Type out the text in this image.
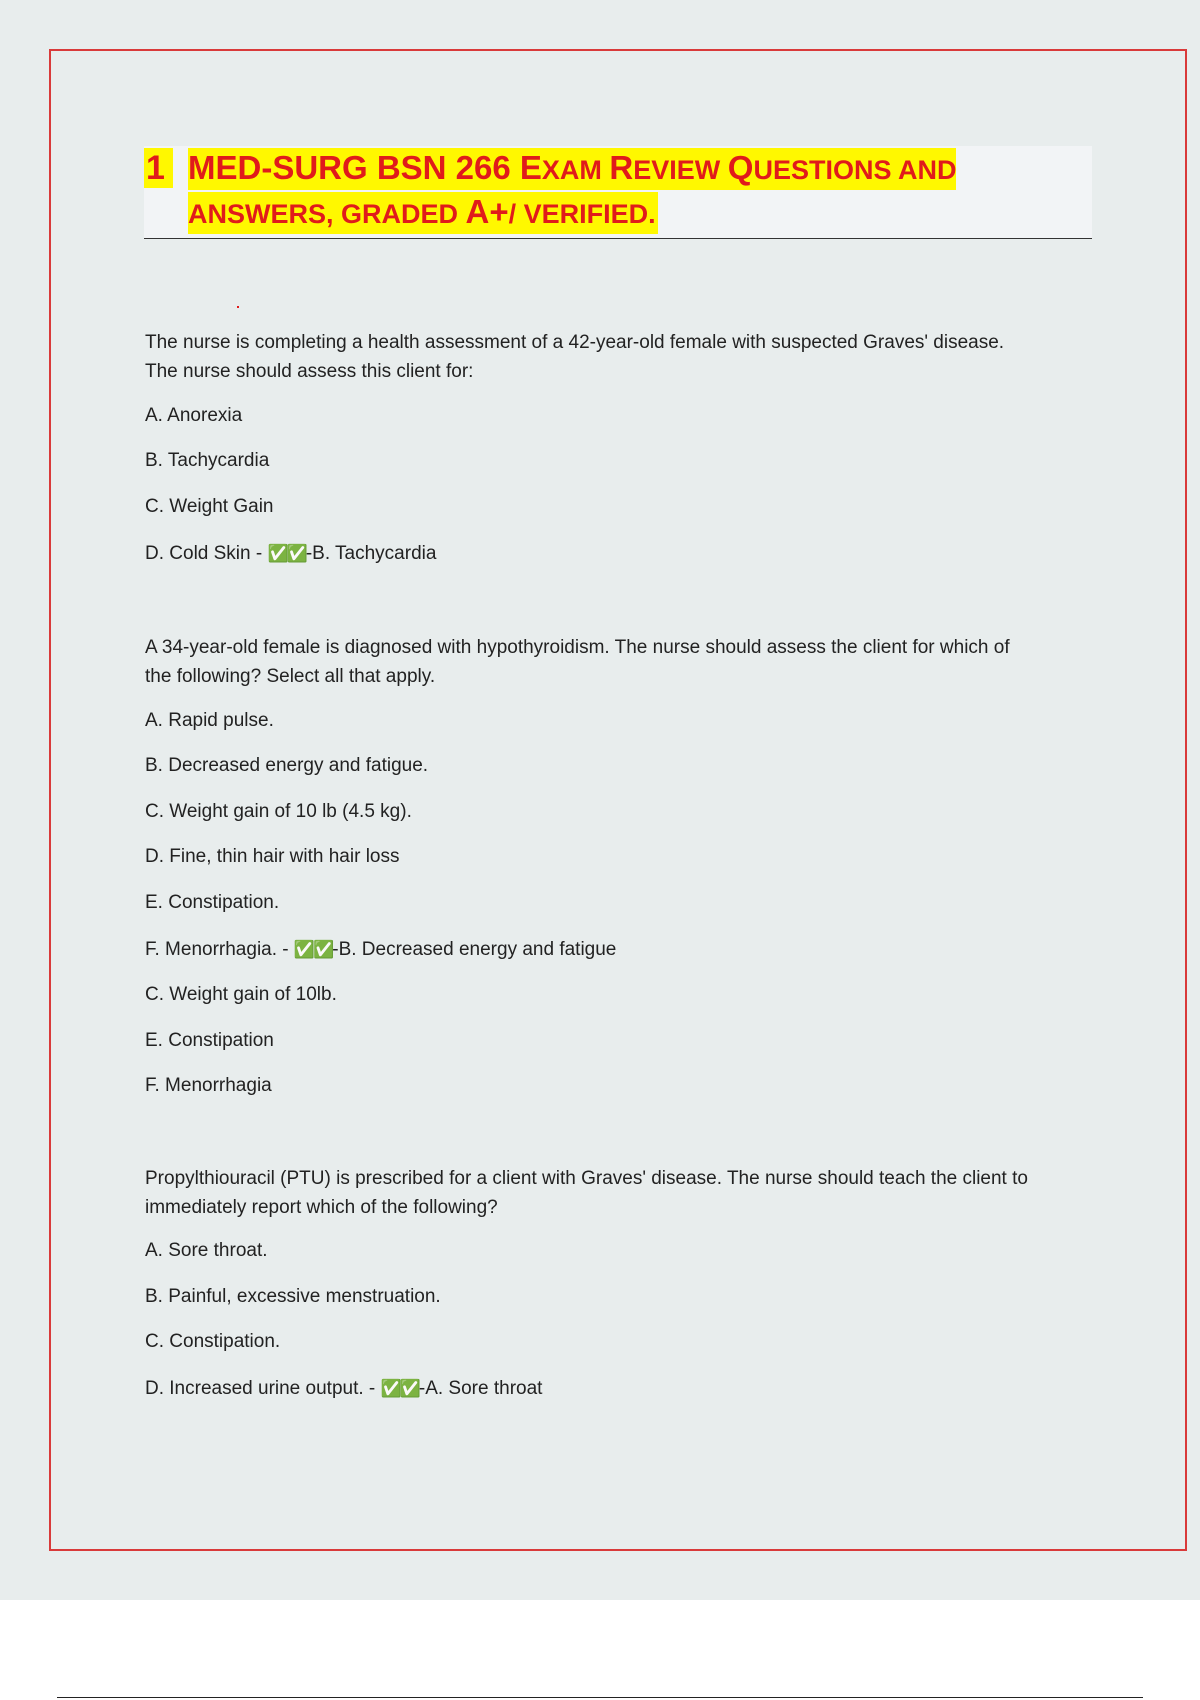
1 MED-SURG BSN 266 EXAM REVIEW QUESTIONS AND
ANSWERS, GRADED A+/ VERIFIED.

The nurse is completing a health assessment of a 42-year-old female with suspected Graves' disease.
The nurse should assess this client for:

A. Anorexia

B. Tachycardia

C. Weight Gain

D. Cold Skin - ✅✅-B. Tachycardia

A 34-year-old female is diagnosed with hypothyroidism. The nurse should assess the client for which of
the following? Select all that apply.

A. Rapid pulse.

B. Decreased energy and fatigue.

C. Weight gain of 10 lb (4.5 kg).

D. Fine, thin hair with hair loss

E. Constipation.

F. Menorrhagia. - ✅✅-B. Decreased energy and fatigue

C. Weight gain of 10lb.

E. Constipation

F. Menorrhagia

Propylthiouracil (PTU) is prescribed for a client with Graves' disease. The nurse should teach the client to
immediately report which of the following?

A. Sore throat.

B. Painful, excessive menstruation.

C. Constipation.

D. Increased urine output. - ✅✅-A. Sore throat
